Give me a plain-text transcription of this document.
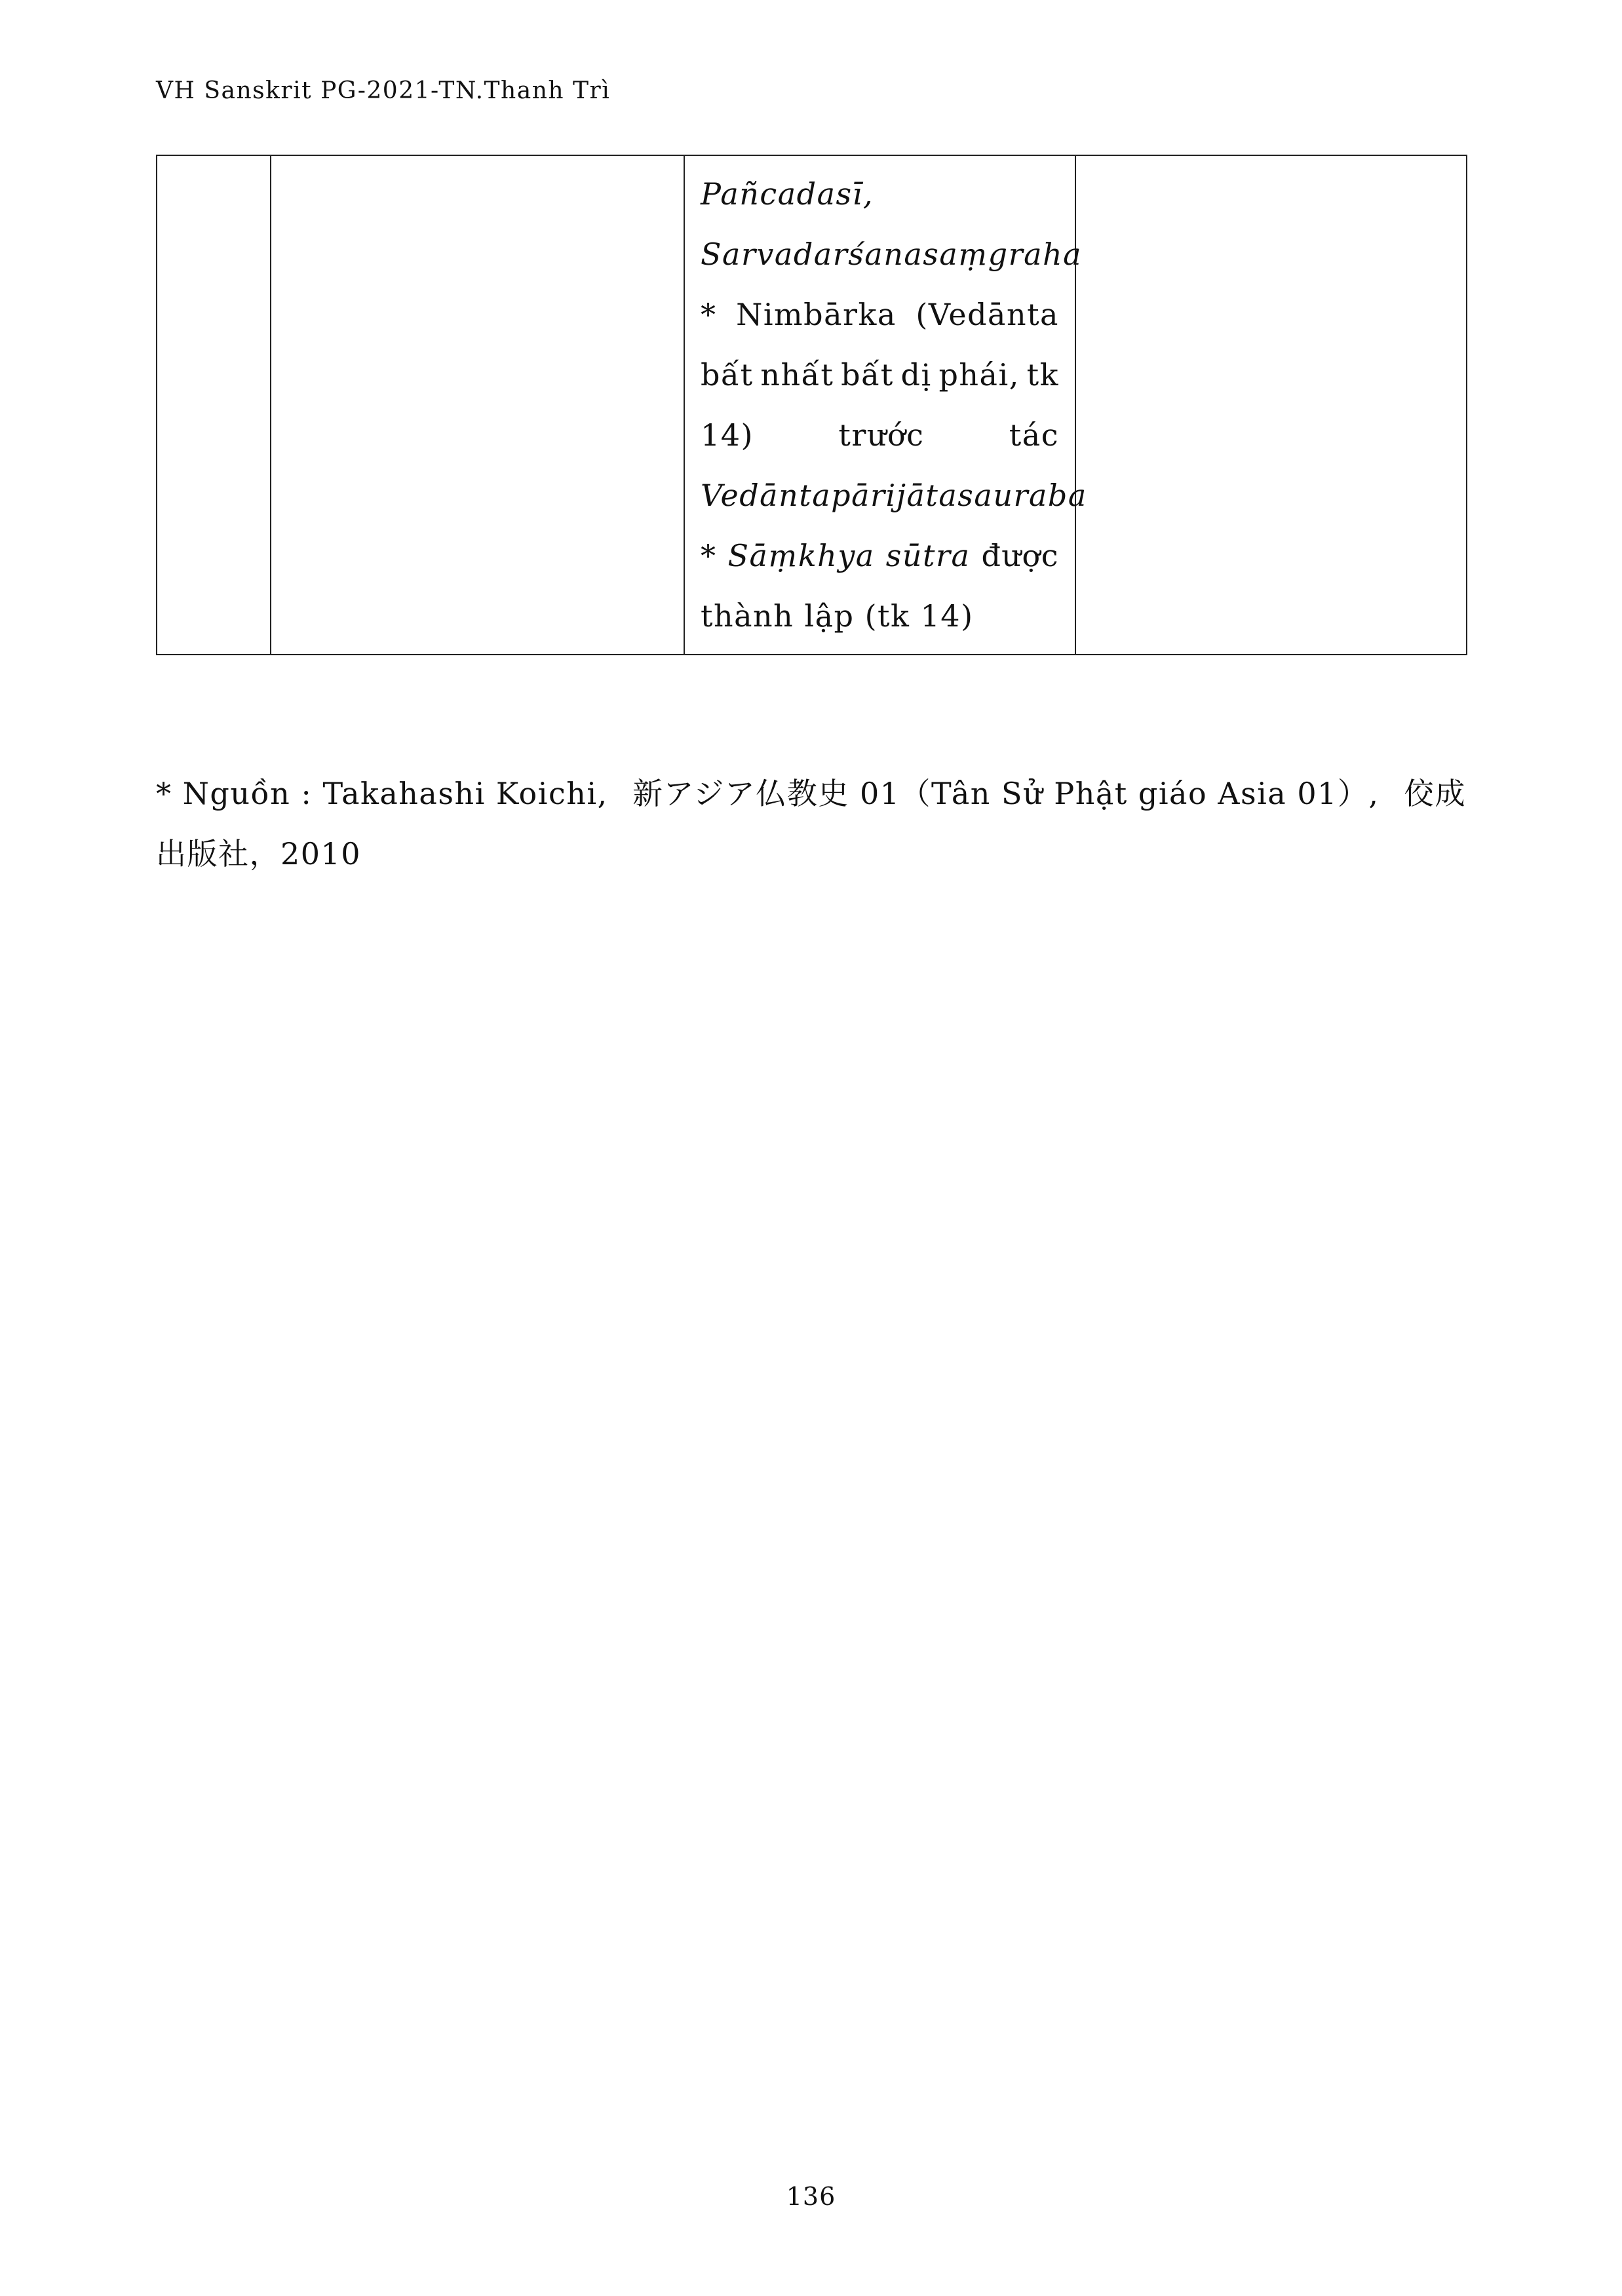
VH Sanskrit PG-2021-TN.Thanh Trì

Pañcadasī,
Sarvadarśanasaṃgraha
* Nimbārka (Vedānta
bất nhất bất dị phái, tk
14)	trước	tác
Vedāntapārijātasauraba
* Sāṃkhya sūtra được
thành lập (tk 14)

* Nguồn : Takahashi Koichi, 新アジア仏教史 01（Tân Sử Phật giáo Asia 01）, 佼成
出版社，2010
136
